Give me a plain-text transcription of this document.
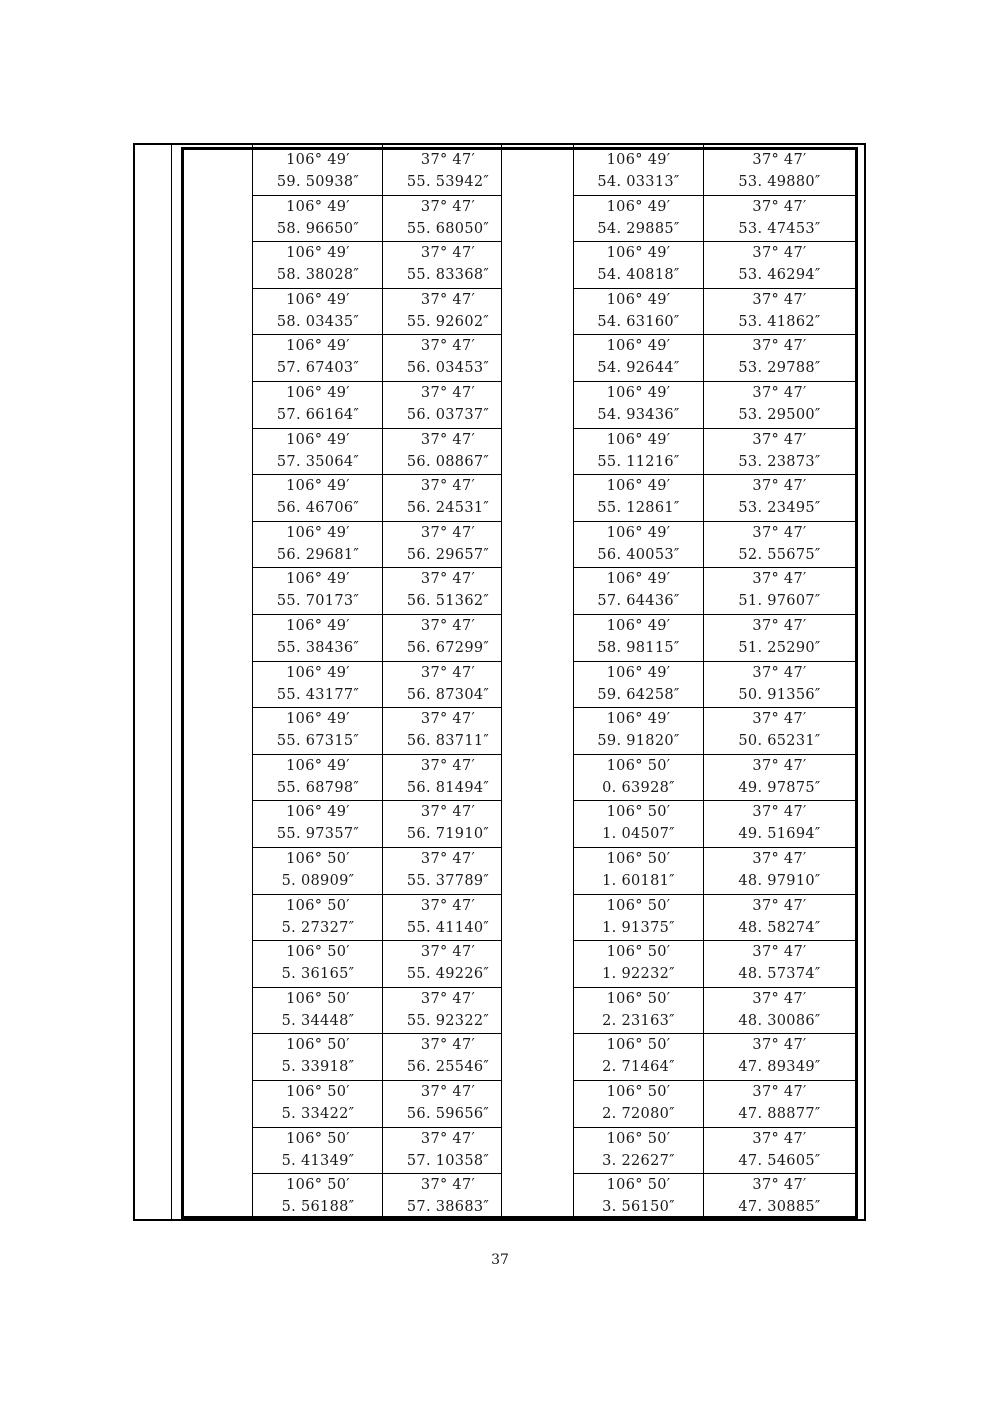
106° 49′
59. 50938″
37° 47′
55. 53942″
106° 49′
54. 03313″
37° 47′
53. 49880″
106° 49′
58. 96650″
37° 47′
55. 68050″
106° 49′
54. 29885″
37° 47′
53. 47453″
106° 49′
58. 38028″
37° 47′
55. 83368″
106° 49′
54. 40818″
37° 47′
53. 46294″
106° 49′
58. 03435″
37° 47′
55. 92602″
106° 49′
54. 63160″
37° 47′
53. 41862″
106° 49′
57. 67403″
37° 47′
56. 03453″
106° 49′
54. 92644″
37° 47′
53. 29788″
106° 49′
57. 66164″
37° 47′
56. 03737″
106° 49′
54. 93436″
37° 47′
53. 29500″
106° 49′
57. 35064″
37° 47′
56. 08867″
106° 49′
55. 11216″
37° 47′
53. 23873″
106° 49′
56. 46706″
37° 47′
56. 24531″
106° 49′
55. 12861″
37° 47′
53. 23495″
106° 49′
56. 29681″
37° 47′
56. 29657″
106° 49′
56. 40053″
37° 47′
52. 55675″
106° 49′
55. 70173″
37° 47′
56. 51362″
106° 49′
57. 64436″
37° 47′
51. 97607″
106° 49′
55. 38436″
37° 47′
56. 67299″
106° 49′
58. 98115″
37° 47′
51. 25290″
106° 49′
55. 43177″
37° 47′
56. 87304″
106° 49′
59. 64258″
37° 47′
50. 91356″
106° 49′
55. 67315″
37° 47′
56. 83711″
106° 49′
59. 91820″
37° 47′
50. 65231″
106° 49′
55. 68798″
37° 47′
56. 81494″
106° 50′
0. 63928″
37° 47′
49. 97875″
106° 49′
55. 97357″
37° 47′
56. 71910″
106° 50′
1. 04507″
37° 47′
49. 51694″
106° 50′
5. 08909″
37° 47′
55. 37789″
106° 50′
1. 60181″
37° 47′
48. 97910″
106° 50′
5. 27327″
37° 47′
55. 41140″
106° 50′
1. 91375″
37° 47′
48. 58274″
106° 50′
5. 36165″
37° 47′
55. 49226″
106° 50′
1. 92232″
37° 47′
48. 57374″
106° 50′
5. 34448″
37° 47′
55. 92322″
106° 50′
2. 23163″
37° 47′
48. 30086″
106° 50′
5. 33918″
37° 47′
56. 25546″
106° 50′
2. 71464″
37° 47′
47. 89349″
106° 50′
5. 33422″
37° 47′
56. 59656″
106° 50′
2. 72080″
37° 47′
47. 88877″
106° 50′
5. 41349″
37° 47′
57. 10358″
106° 50′
3. 22627″
37° 47′
47. 54605″
106° 50′
5. 56188″
37° 47′
57. 38683″
106° 50′
3. 56150″
37° 47′
47. 30885″
37
